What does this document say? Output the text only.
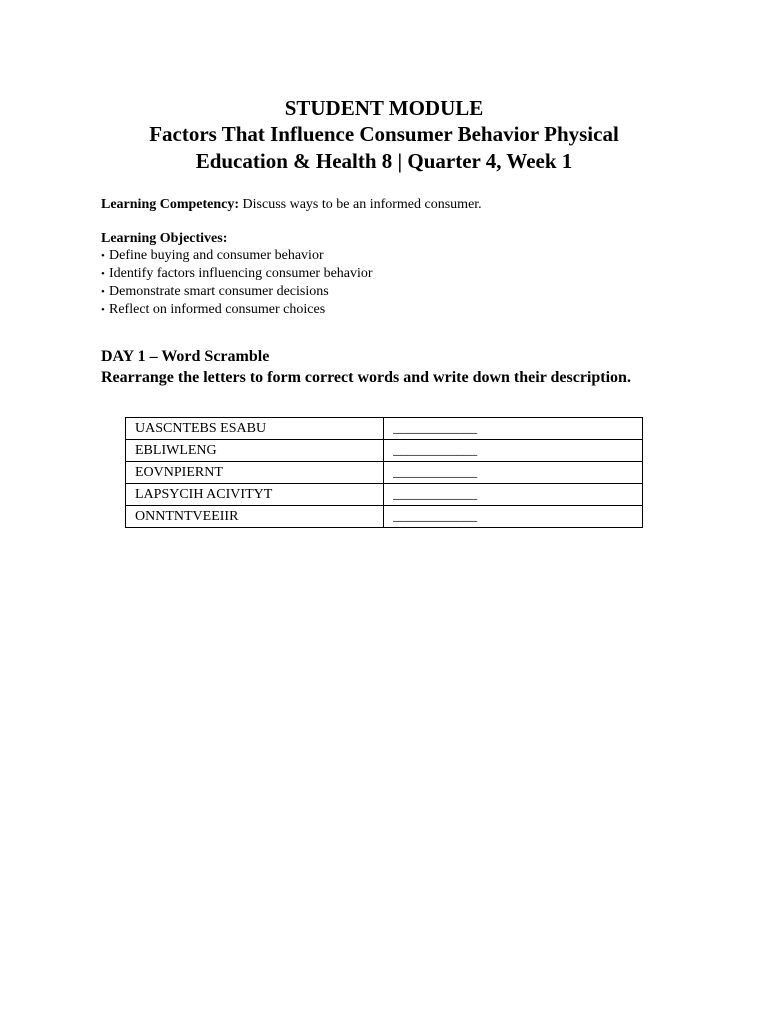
STUDENT MODULE
Factors That Influence Consumer Behavior Physical Education & Health 8 | Quarter 4, Week 1
Learning Competency: Discuss ways to be an informed consumer.
Learning Objectives:
• Define buying and consumer behavior
• Identify factors influencing consumer behavior
• Demonstrate smart consumer decisions
• Reflect on informed consumer choices
DAY 1 – Word Scramble
Rearrange the letters to form correct words and write down their description.
UASCNTEBS ESABU	____________
EBLIWLENG	____________
EOVNPIERNT	____________
LAPSYCIH ACIVITYT	____________
ONNTNTVEEIIR	____________
